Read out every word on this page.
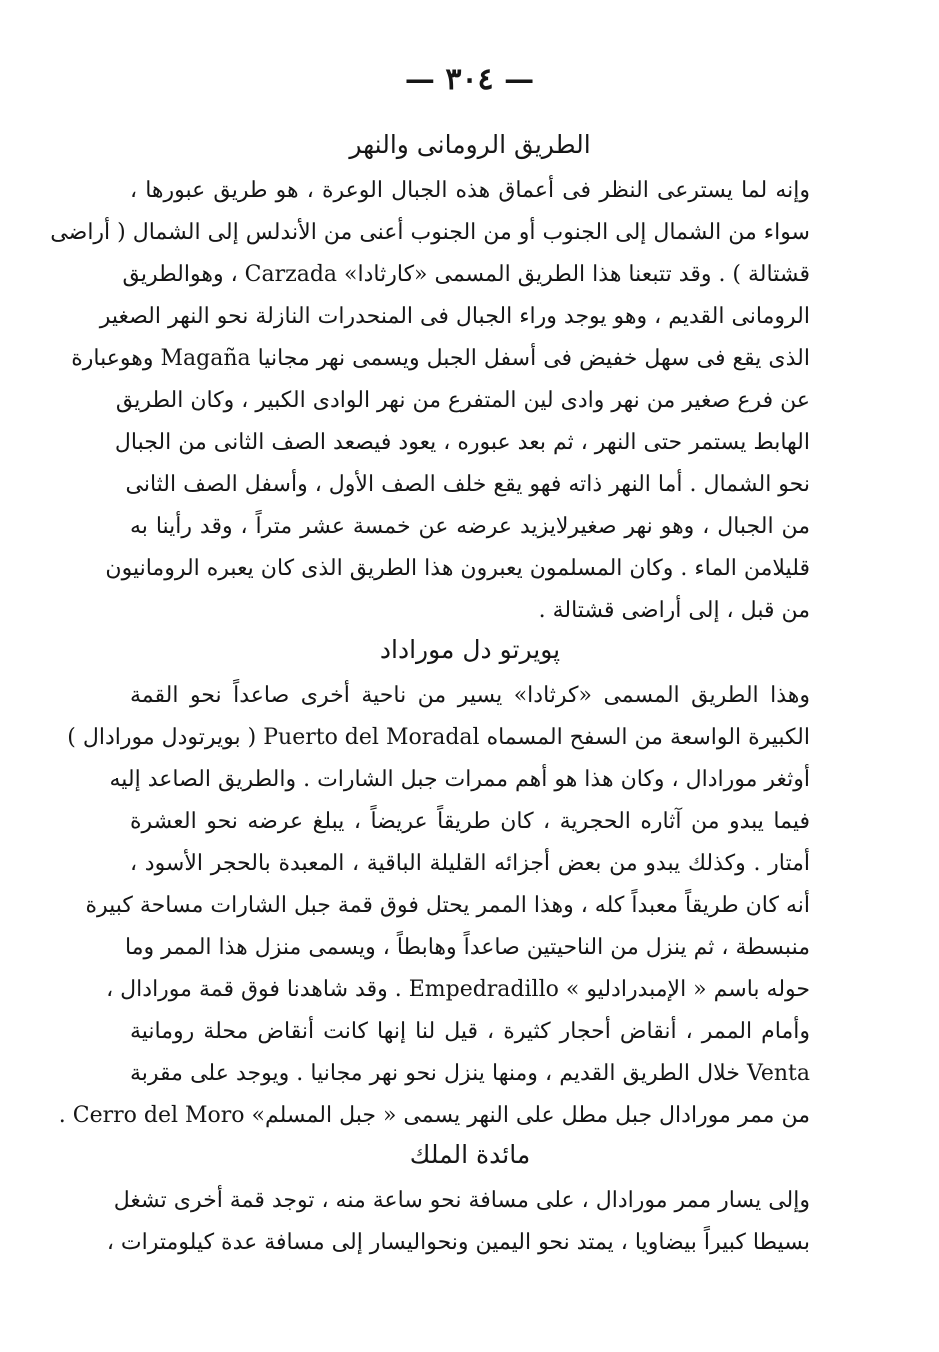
— ٣٠٤ —
الطريق الرومانى والنهر
وإنه لما يسترعى النظر فى أعماق هذه الجبال الوعرة ، هو طريق عبورها ،
سواء من الشمال إلى الجنوب أو من الجنوب أعنى من الأندلس إلى الشمال ( أراضى
قشتالة ) . وقد تتبعنا هذا الطريق المسمى «كارثادا» Carzada ، وهوالطريق
الرومانى القديم ، وهو يوجد وراء الجبال فى المنحدرات النازلة نحو النهر الصغير
الذى يقع فى سهل خفيض فى أسفل الجبل ويسمى نهر مجانيا Magaña وهوعبارة
عن فرع صغير من نهر وادى لين المتفرع من نهر الوادى الكبير ، وكان الطريق
الهابط يستمر حتى النهر ، ثم بعد عبوره ، يعود فيصعد الصف الثانى من الجبال
نحو الشمال . أما النهر ذاته فهو يقع خلف الصف الأول ، وأسفل الصف الثانى
من الجبال ، وهو نهر صغيرلايزيد عرضه عن خمسة عشر متراً ، وقد رأينا به
قليلامن الماء . وكان المسلمون يعبرون هذا الطريق الذى كان يعبره الرومانيون
من قبل ، إلى أراضى قشتالة .
پويرتو دل موراداد
وهذا الطريق المسمى «كرثادا» يسير من ناحية أخرى صاعداً نحو القمة
الكبيرة الواسعة من السفح المسماه Puerto del Moradal ( بويرتودل مورادال )
أوثغر مورادال ، وكان هذا هو أهم ممرات جبل الشارات . والطريق الصاعد إليه
فيما يبدو من آثاره الحجرية ، كان طريقاً عريضاً ، يبلغ عرضه نحو العشرة
أمتار . وكذلك يبدو من بعض أجزائه القليلة الباقية ، المعبدة بالحجر الأسود ،
أنه كان طريقاً معبداً كله ، وهذا الممر يحتل فوق قمة جبل الشارات مساحة كبيرة
منبسطة ، ثم ينزل من الناحيتين صاعداً وهابطاً ، ويسمى منزل هذا الممر وما
حوله باسم « الإمبدرادليو » Empedradillo . وقد شاهدنا فوق قمة مورادال ،
وأمام الممر ، أنقاض أحجار كثيرة ، قيل لنا إنها كانت أنقاض محلة رومانية
Venta خلال الطريق القديم ، ومنها ينزل نحو نهر مجانيا . ويوجد على مقربة
من ممر مورادال جبل مطل على النهر يسمى « جبل المسلم» Cerro del Moro .
مائدة الملك
وإلى يسار ممر مورادال ، على مسافة نحو ساعة منه ، توجد قمة أخرى تشغل
بسيطا كبيراً بيضاويا ، يمتد نحو اليمين ونحواليسار إلى مسافة عدة كيلومترات ،
